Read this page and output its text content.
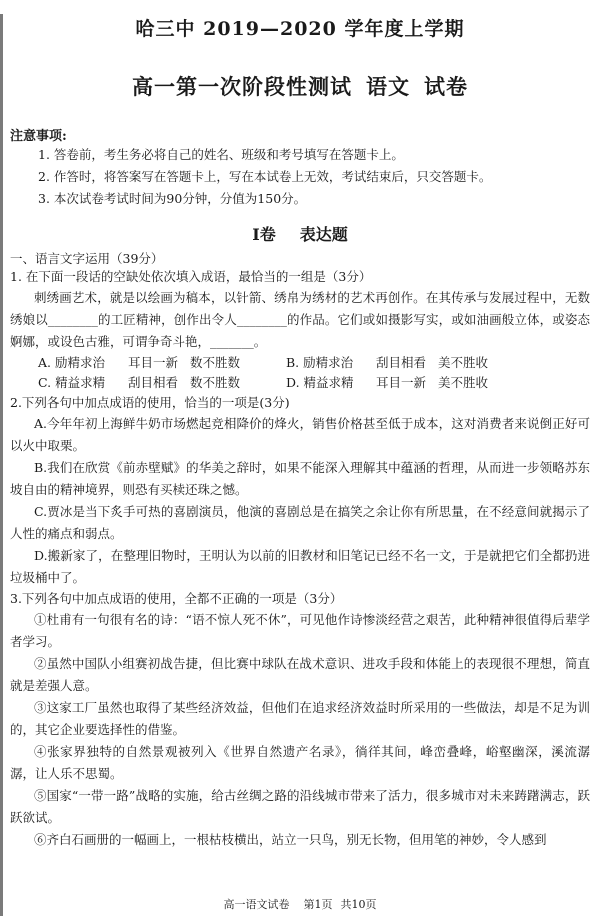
哈三中 2019—2020 学年度上学期
高一第一次阶段性测试 语文 试卷
注意事项:
1. 答卷前，考生务必将自己的姓名、班级和考号填写在答题卡上。
2. 作答时，将答案写在答题卡上，写在本试卷上无效，考试结束后，只交答题卡。
3. 本次试卷考试时间为90分钟，分值为150分。
I卷 表达题
一、语言文字运用（39分）
1. 在下面一段话的空缺处依次填入成语，最恰当的一组是（3分）
刺绣画艺术，就是以绘画为稿本，以针箭、绣帛为绣材的艺术再创作。在其传承与发展过程中，无数绣娘以________的工匠精神，创作出令人________的作品。它们或如摄影写实，或如油画般立体，或姿态婀娜，或设色古雅，可谓争奇斗艳，_______。
A. 励精求治 耳目一新 数不胜数	B. 励精求治 刮目相看 美不胜收
C. 精益求精 刮目相看 数不胜数	D. 精益求精 耳目一新 美不胜收
2.下列各句中加点成语的使用，恰当的一项是(3分)
A.今年年初上海鲜牛奶市场燃起竞相降价的烽火，销售价格甚至低于成本，这对消费者来说倒正好可以火中取栗。
B.我们在欣赏《前赤壁赋》的华美之辞时，如果不能深入理解其中蕴涵的哲理，从而进一步领略苏东坡自由的精神境界，则恐有买椟还珠之憾。
C.贾冰是当下炙手可热的喜剧演员，他演的喜剧总是在搞笑之余让你有所思量，在不经意间就揭示了人性的痛点和弱点。
D.搬新家了，在整理旧物时，王明认为以前的旧教材和旧笔记已经不名一文，于是就把它们全都扔进垃圾桶中了。
3.下列各句中加点成语的使用，全都不正确的一项是（3分）
①杜甫有一句很有名的诗：“语不惊人死不休”，可见他作诗惨淡经营之艰苦，此种精神很值得后辈学者学习。
②虽然中国队小组赛初战告捷，但比赛中球队在战术意识、进攻手段和体能上的表现很不理想，简直就是差强人意。
③这家工厂虽然也取得了某些经济效益，但他们在追求经济效益时所采用的一些做法，却是不足为训的，其它企业要选择性的借鉴。
④张家界独特的自然景观被列入《世界自然遗产名录》，徜徉其间，峰峦叠峰，峪壑幽深，溪流潺潺，让人乐不思蜀。
⑤国家“一带一路”战略的实施，给古丝绸之路的沿线城市带来了活力，很多城市对未来踌躇满志，跃跃欲试。
⑥齐白石画册的一幅画上，一根枯枝横出，站立一只鸟，别无长物，但用笔的神妙，令人感到
高一语文试卷 第1页 共10页
